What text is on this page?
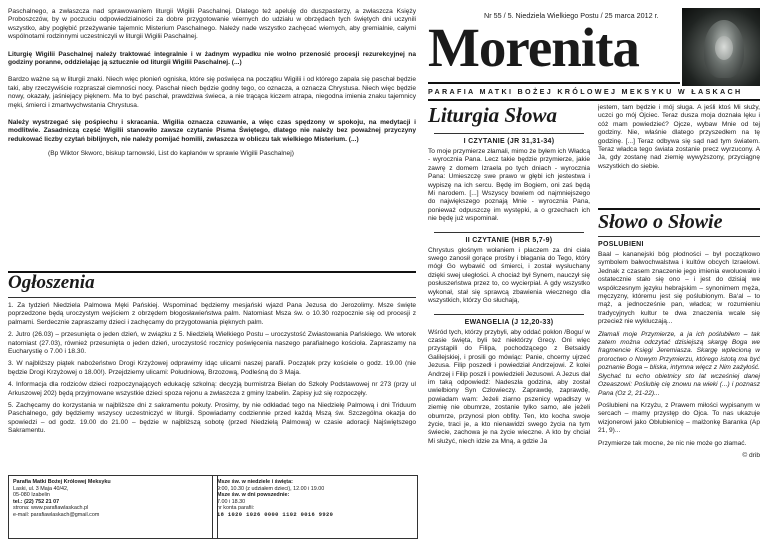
Paschalnego, a zwłaszcza nad sprawowaniem liturgii Wigilii Paschalnej. Dlatego też apeluję do duszpasterzy, a zwłaszcza Księży Proboszczów, by w poczuciu odpowiedzialności za dobre przygotowanie wiernych do udziału w obrzędach tych świętych dni uczynili wszystko, aby pogłębić przeżywanie tajemnic Misterium Paschalnego. Należy nade wszystko zachęcać wiernych, aby gremialnie, całymi wspólnotami rodzinnymi uczestniczyli w liturgii Wigilii Paschalnej.

Liturgię Wigilii Paschalnej należy traktować integralnie i w żadnym wypadku nie wolno przenosić procesji rezurekcyjnej na godziny poranne, oddzielając ją sztucznie od liturgii Wigilii Paschalnej. (...)

Bardzo ważne są w liturgii znaki. Niech więc płonień ogniska, które się poświęca na początku Wigilii i od którego zapala się paschał będzie taki, aby rzeczywiście rozpraszał ciemności nocy. Paschał niech będzie godny tego, co oznacza, a oznacza Chrystusa. Niech więc będzie nowy, okazały, jaśniejący pięknem. Ma to być paschał, prawdziwa świeca, a nie trącąca kiczem atrapa, niegodna imienia znaku tajemnicy męki, śmierci i zmartwychwstania Chrystusa.

Należy wystrzegać się pośpiechu i skracania. Wigilia oznacza czuwanie, a więc czas spędzony w spokoju, na medytacji i modlitwie. Zasadniczą część Wigilii stanowiło zawsze czytanie Pisma Świętego, dlatego nie należy bez poważnej przyczyny redukować liczby czytań biblijnych, nie należy pomijać homilii, zwłaszcza w obliczu tak wielkiego Misterium. (...)

(Bp Wiktor Skworc, biskup tarnowski, List do kapłanów w sprawie Wigilii Paschalnej)

Ogłoszenia

1. Za tydzień Niedziela Palmowa Męki Pańskiej. Wspominać będziemy mesjański wjazd Pana Jezusa do Jerozolimy. Msze święte poprzedzone będą uroczystym wejściem z obrzędem błogosławieństwa palm. Natomiast Msza św. o 10.30 rozpocznie się od procesji z palmami. Serdecznie zapraszamy dzieci i zachęcamy do przygotowania pięknych palm.

2. Jutro (26.03) – przesunięta o jeden dzień, w związku z 5. Niedzielą Wielkiego Postu – uroczystość Zwiastowania Pańskiego. We wtorek natomiast (27.03), również przesunięta o jeden dzień, uroczystość rocznicy poświęcenia naszego parafialnego kościoła. Zapraszamy na Eucharystię o 7.00 i 18.30.

3. W najbliższy piątek nabożeństwo Drogi Krzyżowej odprawimy idąc ulicami naszej parafii. Początek przy kościele o godz. 19.00 (nie będzie Drogi Krzyżowej o 18.00!). Przejdziemy ulicami: Południową, Brzozową, Podleśną do 3 Maja.

4. Informacja dla rodziców dzieci rozpoczynających edukację szkolną: decyzją burmistrza Bielan do Szkoły Podstawowej nr 273 (przy ul Arkuszowej 202) będą przyjmowane wszystkie dzieci spoza rejonu a zwłaszcza z gminy Izabelin. Zapisy już się rozpoczęły.

5. Zachęcamy do korzystania w najbliższe dni z sakramentu pokuty. Prosimy, by nie odkładać tego na Niedzielę Palmową i dni Triduum Paschalnego, gdy będziemy wszyscy uczestniczyć w liturgii. Spowiadamy codziennie przed każdą Mszą św. Szczególna okazja do spowiedzi – od godz. 19.00 do 21.00 – będzie w najbliższą sobotę (przed Niedzielą Palmową) w czasie adoracji Najświętszego Sakramentu.

Parafia Matki Bożej Królowej Meksyku
Laski, ul. 3 Maja 40/42,
05-080 Izabelin
tel.: (22) 752 21 07
strona: www.parafiawlaskach.pl
e-mail: parafiawlaskach@gmail.com
Msze św. w niedziele i święta:
9:00, 10.30 (z udziałem dzieci), 12.00 i 19.00
Msze św. w dni powszednie:
7.00 i 18.30
nr konta parafii:
18 1020 1026 0000 1102 0016 9920
Nr 55 / 5. Niedziela Wielkiego Postu / 25 marca 2012 r.
Morenita
PARAFIA MATKI BOŻEJ KRÓLOWEJ MEKSYKU W ŁASKACH
Liturgia Słowa
I CZYTANIE (JR 31,31-34)

To moje przymierze złamali, mimo że byłem ich Władcą - wyrocznia Pana. Lecz takie będzie przymierze, jakie zawrę z domem Izraela po tych dniach - wyrocznia Pana: Umieszczę swe prawo w głębi ich jestestwa i wypiszę na ich sercu. Będę im Bogiem, oni zaś będą Mi narodem. [...] Wszyscy bowiem od najmniejszego do największego poznają Mnie - wyrocznia Pana, ponieważ odpuszczę im występki, a o grzechach ich nie będę już wspominał.

II CZYTANIE (HBR 5,7-9)

Chrystus głośnym wołaniem i płaczem za dni ciała swego zanosił gorące prośby i błagania do Tego, który mógł Go wybawić od śmierci, i został wysłuchany dzięki swej uległości. A chociaż był Synem, nauczył się posłuszeństwa przez to, co wycierpiał. A gdy wszystko wykonał, stał się sprawcą zbawienia wiecznego dla wszystkich, którzy Go słuchają,

EWANGELIA (J 12,20-33)

Wśród tych, którzy przybyli, aby oddać pokłon /Bogu/ w czasie święta, byli też niektórzy Grecy. Oni więc przystąpili do Filipa, pochodzącego z Betsaidy Galilejskiej, i prosili go mówiąc: Panie, chcemy ujrzeć Jezusa. Filip poszedł i powiedział Andrzejowi. Z kolei Andrzej i Filip poszli i powiedzieli Jezusowi. A Jezus dał im taką odpowiedź: Nadeszła godzina, aby został uwielbiony Syn Człowieczy. Zaprawdę, zaprawdę, powiadam wam: Jeżeli ziarno pszenicy wpadłszy w ziemię nie obumrze, zostanie tylko samo, ale jeżeli obumrze, przynosi plon obfity. Ten, kto kocha swoje życie, traci je, a kto nienawidzi swego życia na tym świecie, zachowa je na życie wieczne. A kto by chciał Mi służyć, niech idzie za Mną, a gdzie Ja

jestem, tam będzie i mój sługa. A jeśli ktoś Mi służy, uczci go mój Ojciec. Teraz dusza moja doznała lęku i cóż mam powiedzieć? Ojcze, wybaw Mnie od tej godziny. Nie, właśnie dlatego przyszedłem na tę godzinę. [...] Teraz odbywa się sąd nad tym światem. Teraz władca tego świata zostanie precz wyrzucony. A Ja, gdy zostanę nad ziemię wywyższony, przyciągnę wszystkich do siebie.

Słowo o Słowie
POŚLUBIENI

Baal – kananejski bóg płodności – był początkowo symbolem bałwochwalstwa i kultów obcych Izraelowi. Jednak z czasem znaczenie jego imienia ewoluowało i ostatecznie stało się ono – i jest do dzisiaj we współczesnym języku hebrajskim – synonimem męża, męczyzny, któremu jest się poślubionym. Ba‘al – to mąż, a jednocześnie pan, władca; w rozumieniu tradycyjnych kultur te dwa znaczenia wcale się przecież nie wykluczają...

Złamali moje Przymierze, a ja ich poślubiłem – tak zatem można odczytać dzisiejszą skargę Boga we fragmencie Księgi Jeremiasza. Skargę wplecioną w proroctwo o Nowym Przymierzu, którego istotą ma być poznanie Boga – bliska, intymna więcz z Nim zażyłość. Słychać tu echo obietnicy sto lat wcześniej danej Ozeaszowi: Poślubię cię znowu na wieki (...) i poznasz Pana (Oz 2, 21-22)...

Poślubieni na Krzyżu, z Prawem miłości wypisanym w sercach – mamy przystęp do Ojca. To nas ukazuje wizjonerowi jako Oblubienicę – małżonkę Baranka (Ap 21, 9)...

Przymierze tak mocne, że nic nie może go złamać.

© drib
